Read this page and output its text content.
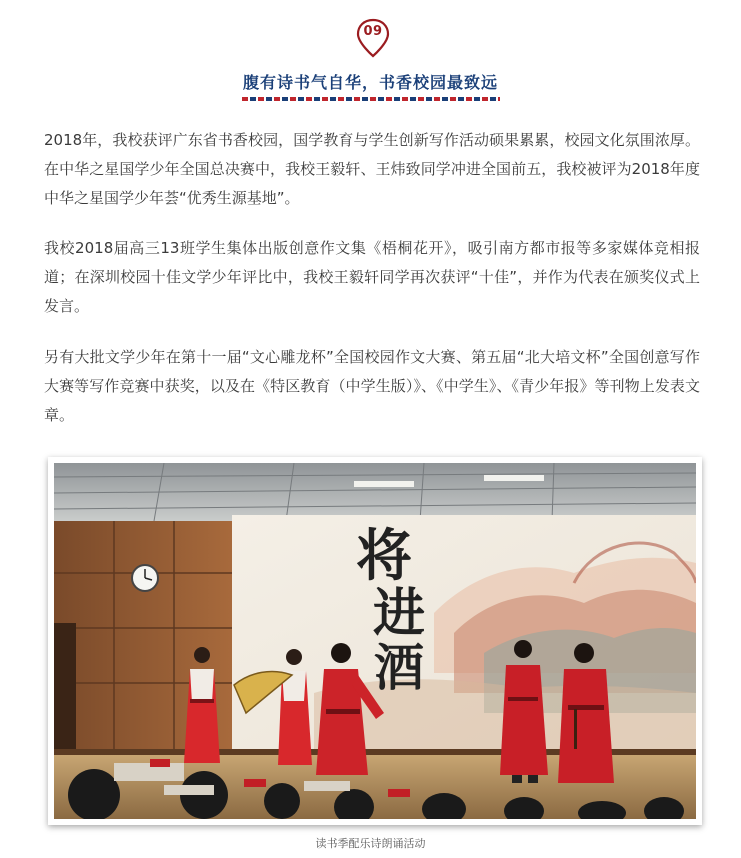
09
腹有诗书气自华，书香校园最致远

2018年，我校获评广东省书香校园，国学教育与学生创新写作活动硕果累累，校园文化氛围浓厚。在中华之星国学少年全国总决赛中，我校王毅轩、王炜致同学冲进全国前五，我校被评为2018年度中华之星国学少年荟“优秀生源基地”。

我校2018届高三13班学生集体出版创意作文集《梧桐花开》，吸引南方都市报等多家媒体竞相报道；在深圳校园十佳文学少年评比中，我校王毅轩同学再次获评“十佳”，并作为代表在颁奖仪式上发言。

另有大批文学少年在第十一届“文心雕龙杯”全国校园作文大赛、第五届“北大培文杯”全国创意写作大赛等写作竞赛中获奖，以及在《特区教育（中学生版）》、《中学生》、《青少年报》等刊物上发表文章。

将
进
酒
读书季配乐诗朗诵活动
